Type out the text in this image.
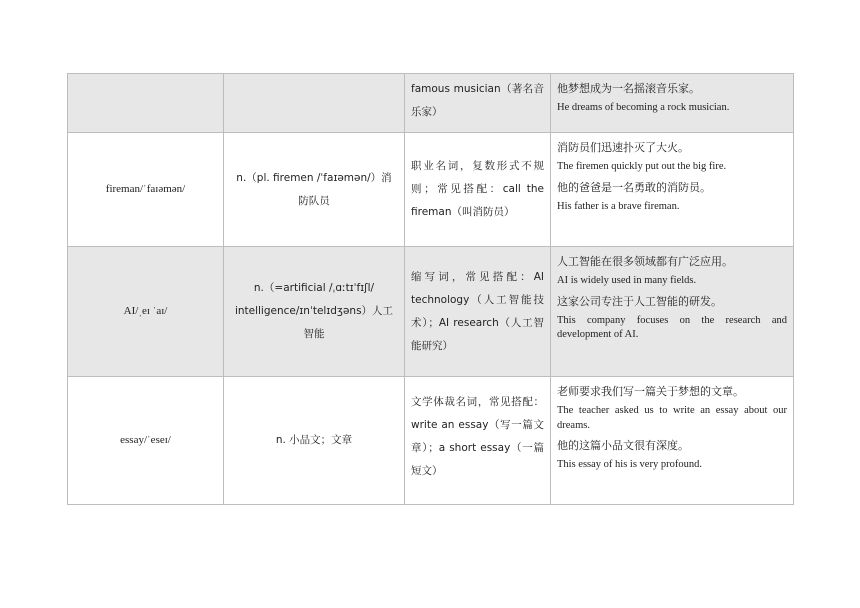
		famous musician（著名音乐家）	他梦想成为一名摇滚音乐家。
He dreams of becoming a rock musician.

fireman/ˈfaɪəmən/	n.（pl. firemen /ˈfaɪəmən/）消防队员	职业名词，复数形式不规则；常见搭配：call the fireman（叫消防员）	消防员们迅速扑灭了大火。
The firemen quickly put out the big fire.
他的爸爸是一名勇敢的消防员。
His father is a brave fireman.

AI/ˌeɪ ˈaɪ/	n.（=artificial /ˌɑːtɪˈfɪʃl/ intelligence/ɪnˈtelɪdʒəns）人工智能	缩写词，常见搭配：AI technology（人工智能技术）；AI research（人工智能研究）	人工智能在很多领域都有广泛应用。
AI is widely used in many fields.
这家公司专注于人工智能的研发。
This company focuses on the research and development of AI.

essay/ˈeseɪ/	n. 小品文；文章	文学体裁名词，常见搭配：write an essay（写一篇文章）；a short essay（一篇短文）	老师要求我们写一篇关于梦想的文章。
The teacher asked us to write an essay about our dreams.
他的这篇小品文很有深度。
This essay of his is very profound.
